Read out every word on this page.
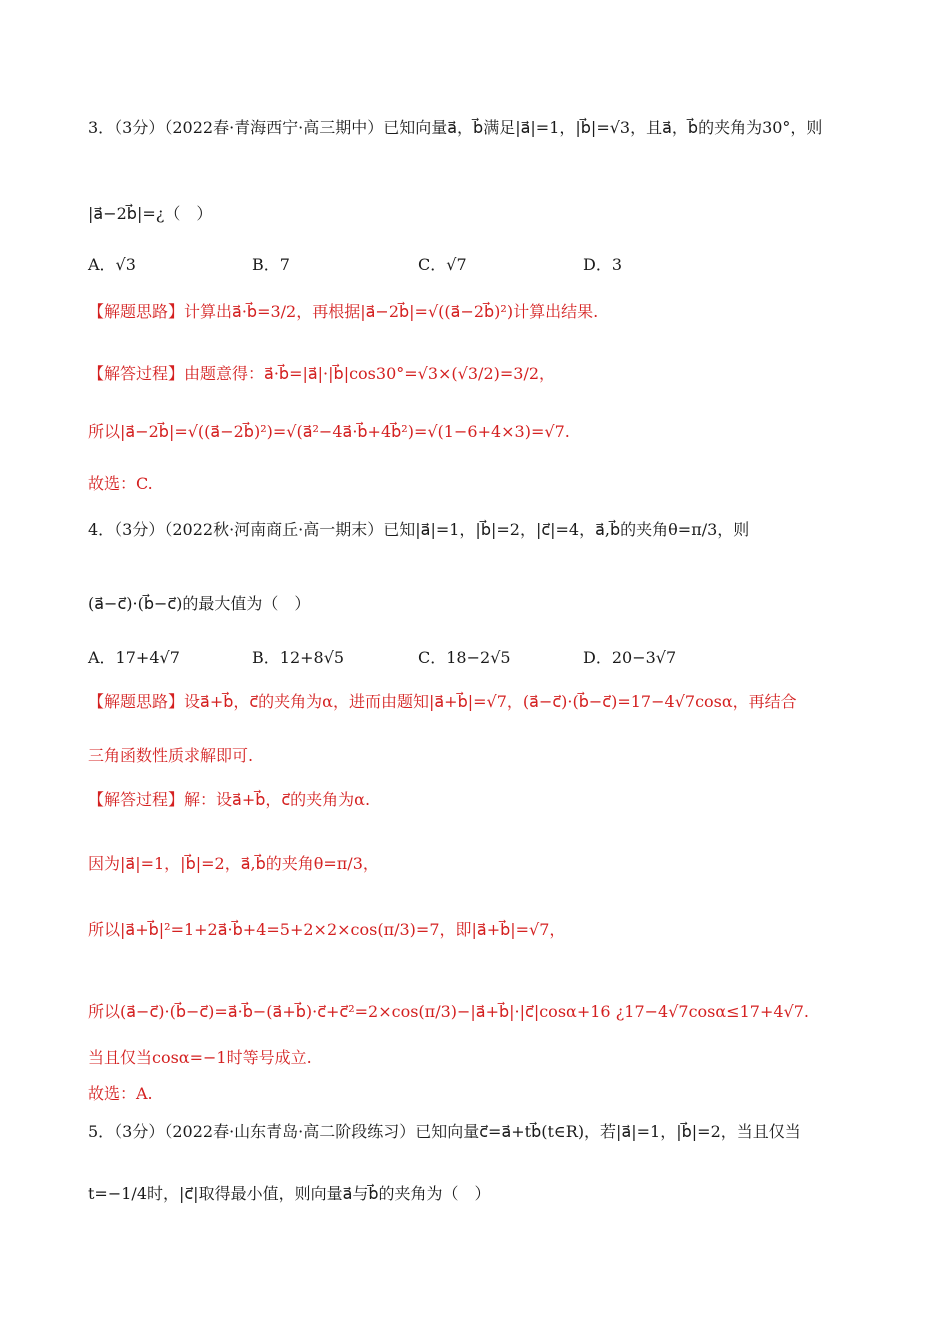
3．（3分）（2022春·青海西宁·高三期中）已知向量a⃗，b⃗满足|a⃗|=1，|b⃗|=√3，且a⃗，b⃗的夹角为30°，则
|a⃗−2b⃗|=¿（　）
A．√3	B．7	C．√7	D．3
【解题思路】计算出a⃗·b⃗=3/2，再根据|a⃗−2b⃗|=√((a⃗−2b⃗)²)计算出结果.
【解答过程】由题意得：a⃗·b⃗=|a⃗|·|b⃗|cos30°=√3×(√3/2)=3/2，
所以|a⃗−2b⃗|=√((a⃗−2b⃗)²)=√(a⃗²−4a⃗·b⃗+4b⃗²)=√(1−6+4×3)=√7.
故选：C.
4．（3分）（2022秋·河南商丘·高一期末）已知|a⃗|=1，|b⃗|=2，|c⃗|=4，a⃗,b⃗的夹角θ=π/3，则
(a⃗−c⃗)·(b⃗−c⃗)的最大值为（　）
A．17+4√7	B．12+8√5	C．18−2√5	D．20−3√7
【解题思路】设a⃗+b⃗，c⃗的夹角为α，进而由题知|a⃗+b⃗|=√7，(a⃗−c⃗)·(b⃗−c⃗)=17−4√7cosα，再结合
三角函数性质求解即可.
【解答过程】解：设a⃗+b⃗，c⃗的夹角为α.
因为|a⃗|=1，|b⃗|=2，a⃗,b⃗的夹角θ=π/3，
所以|a⃗+b⃗|²=1+2a⃗·b⃗+4=5+2×2×cos(π/3)=7，即|a⃗+b⃗|=√7，
所以(a⃗−c⃗)·(b⃗−c⃗)=a⃗·b⃗−(a⃗+b⃗)·c⃗+c⃗²=2×cos(π/3)−|a⃗+b⃗|·|c⃗|cosα+16 ¿17−4√7cosα≤17+4√7.
当且仅当cosα=−1时等号成立.
故选：A.
5．（3分）（2022春·山东青岛·高二阶段练习）已知向量c⃗=a⃗+tb⃗(t∈R)，若|a⃗|=1，|b⃗|=2，当且仅当
t=−1/4时，|c⃗|取得最小值，则向量a⃗与b⃗的夹角为（　）
